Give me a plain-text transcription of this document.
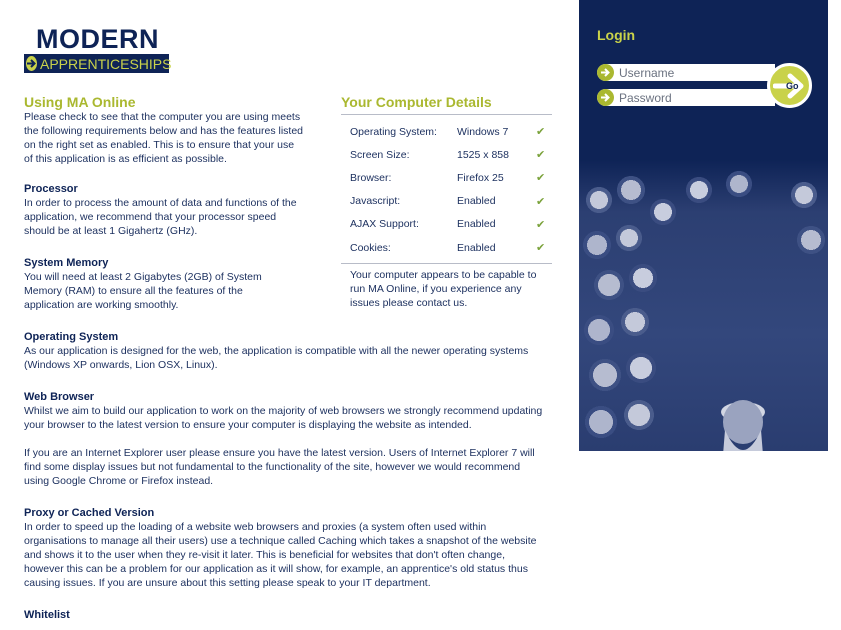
MODERN
APPRENTICESHIPS
Using MA Online
Please check to see that the computer you are using meets the following requirements below and has the features listed on the right set as enabled. This is to ensure that your use of this application is as efficient as possible.
Processor
In order to process the amount of data and functions of the application, we recommend that your processor speed should be at least 1 Gigahertz (GHz).
System Memory
You will need at least 2 Gigabytes (2GB) of System Memory (RAM) to ensure all the features of the application are working smoothly.
Operating System
As our application is designed for the web, the application is compatible with all the newer operating systems (Windows XP onwards, Lion OSX, Linux).
Web Browser
Whilst we aim to build our application to work on the majority of web browsers we strongly recommend updating your browser to the latest version to ensure your computer is displaying the website as intended.
If you are an Internet Explorer user please ensure you have the latest version. Users of Internet Explorer 7 will find some display issues but not fundamental to the functionality of the site, however we would recommend using Google Chrome or Firefox instead.
Proxy or Cached Version
In order to speed up the loading of a website web browsers and proxies (a system often used within organisations to manage all their users) use a technique called Caching which takes a snapshot of the website and shows it to the user when they re-visit it later. This is beneficial for websites that don't often change, however this can be a problem for our application as it will show, for example, an apprentice's old status thus causing issues. If you are unsure about this setting please speak to your IT department.
Whitelist
Your Computer Details
Operating System:	Windows 7	✔
Screen Size:	1525 x 858	✔
Browser:	Firefox 25	✔
Javascript:	Enabled	✔
AJAX Support:	Enabled	✔
Cookies:	Enabled	✔
Your computer appears to be capable to run MA Online, if you experience any issues please contact us.
Login
Username
Go
